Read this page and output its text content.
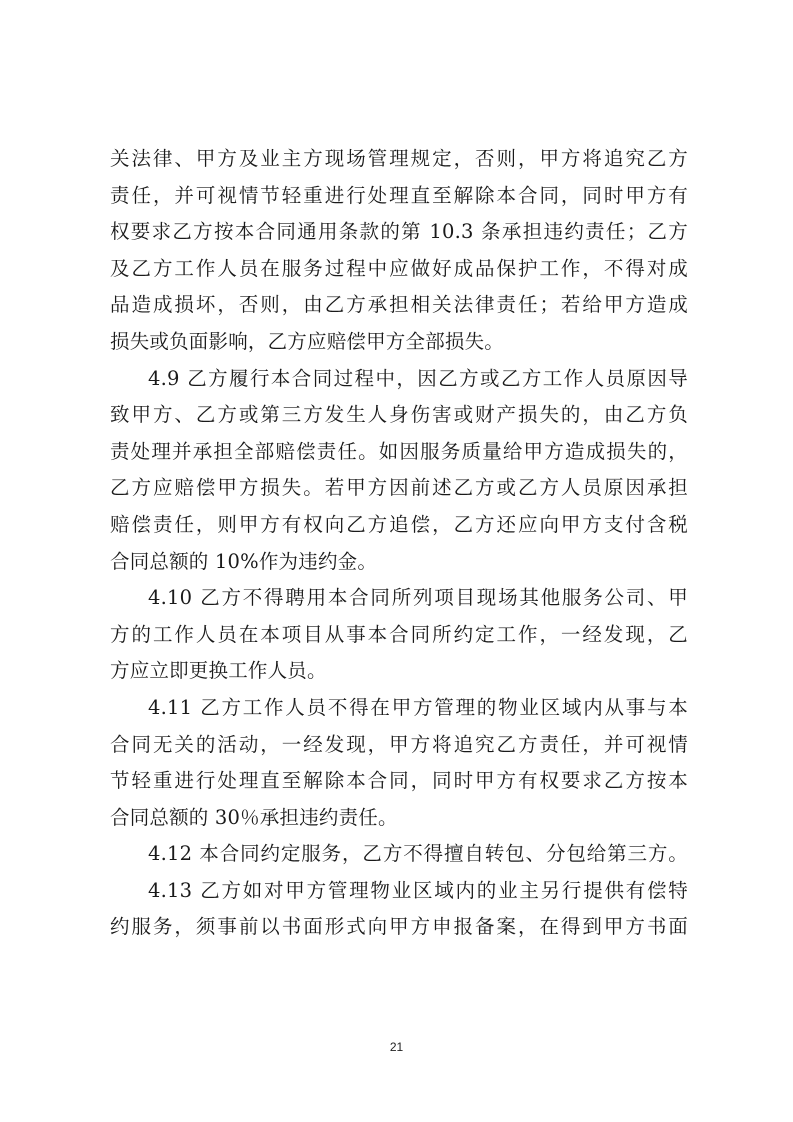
关法律、甲方及业主方现场管理规定，否则，甲方将追究乙方
责任，并可视情节轻重进行处理直至解除本合同，同时甲方有
权要求乙方按本合同通用条款的第 10.3 条承担违约责任；乙方
及乙方工作人员在服务过程中应做好成品保护工作，不得对成
品造成损坏，否则，由乙方承担相关法律责任；若给甲方造成
损失或负面影响，乙方应赔偿甲方全部损失。
4.9 乙方履行本合同过程中，因乙方或乙方工作人员原因导
致甲方、乙方或第三方发生人身伤害或财产损失的，由乙方负
责处理并承担全部赔偿责任。如因服务质量给甲方造成损失的，
乙方应赔偿甲方损失。若甲方因前述乙方或乙方人员原因承担
赔偿责任，则甲方有权向乙方追偿，乙方还应向甲方支付含税
合同总额的 10%作为违约金。
4.10 乙方不得聘用本合同所列项目现场其他服务公司、甲
方的工作人员在本项目从事本合同所约定工作，一经发现，乙
方应立即更换工作人员。
4.11 乙方工作人员不得在甲方管理的物业区域内从事与本
合同无关的活动，一经发现，甲方将追究乙方责任，并可视情
节轻重进行处理直至解除本合同，同时甲方有权要求乙方按本
合同总额的 30％承担违约责任。
4.12 本合同约定服务，乙方不得擅自转包、分包给第三方。
4.13 乙方如对甲方管理物业区域内的业主另行提供有偿特
约服务，须事前以书面形式向甲方申报备案，在得到甲方书面
21
